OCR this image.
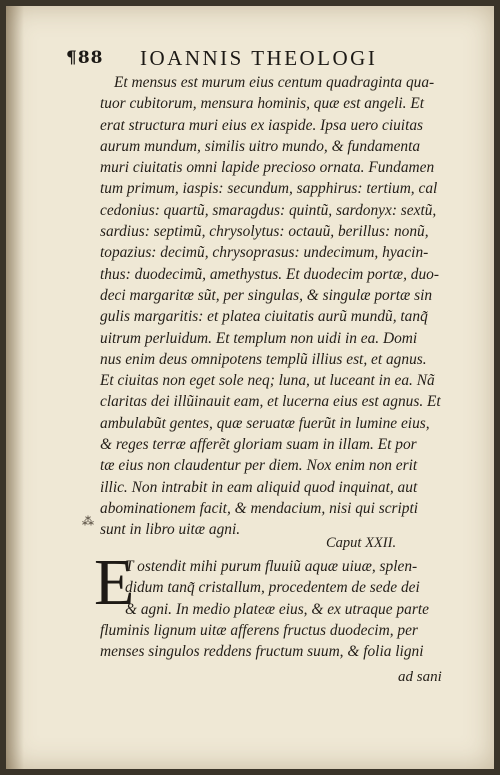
¶88 IOANNIS THEOLOGI
Et mensus est murum eius centum quadraginta qua-
tuor cubitorum, mensura hominis, quæ est angeli. Et
erat structura muri eius ex iaspide. Ipsa uero ciuitas
aurum mundum, similis uitro mundo, & fundamenta
muri ciuitatis omni lapide precioso ornata. Fundamen
tum primum, iaspis: secundum, sapphirus: tertium, cal
cedonius: quartũ, smaragdus: quintũ, sardonyx: sextũ,
sardius: septimũ, chrysolytus: octauũ, berillus: nonũ,
topazius: decimũ, chrysoprasus: undecimum, hyacin-
thus: duodecimũ, amethystus. Et duodecim portæ, duo-
deci margaritæ sũt, per singulas, & singulæ portæ sin
gulis margaritis: et platea ciuitatis aurũ mundũ, tanq̃
uitrum perluidum. Et templum non uidi in ea. Domi
nus enim deus omnipotens templũ illius est, et agnus.
Et ciuitas non eget sole neq; luna, ut luceant in ea. Nã
claritas dei illũinauit eam, et lucerna eius est agnus. Et
ambulabũt gentes, quæ seruatæ fuerũt in lumine eius,
& reges terræ afferẽt gloriam suam in illam. Et por
tæ eius non claudentur per diem. Nox enim non erit
illic. Non intrabit in eam aliquid quod inquinat, aut
abominationem facit, & mendacium, nisi qui scripti
sunt in libro uitæ agni.
⁂
Caput XXII.
E
T ostendit mihi purum fluuiũ aquæ uiuæ, splen-
didum tanq̃ cristallum, procedentem de sede dei
& agni. In medio plateæ eius, & ex utraque parte
fluminis lignum uitæ afferens fructus duodecim, per
menses singulos reddens fructum suum, & folia ligni
ad sani
